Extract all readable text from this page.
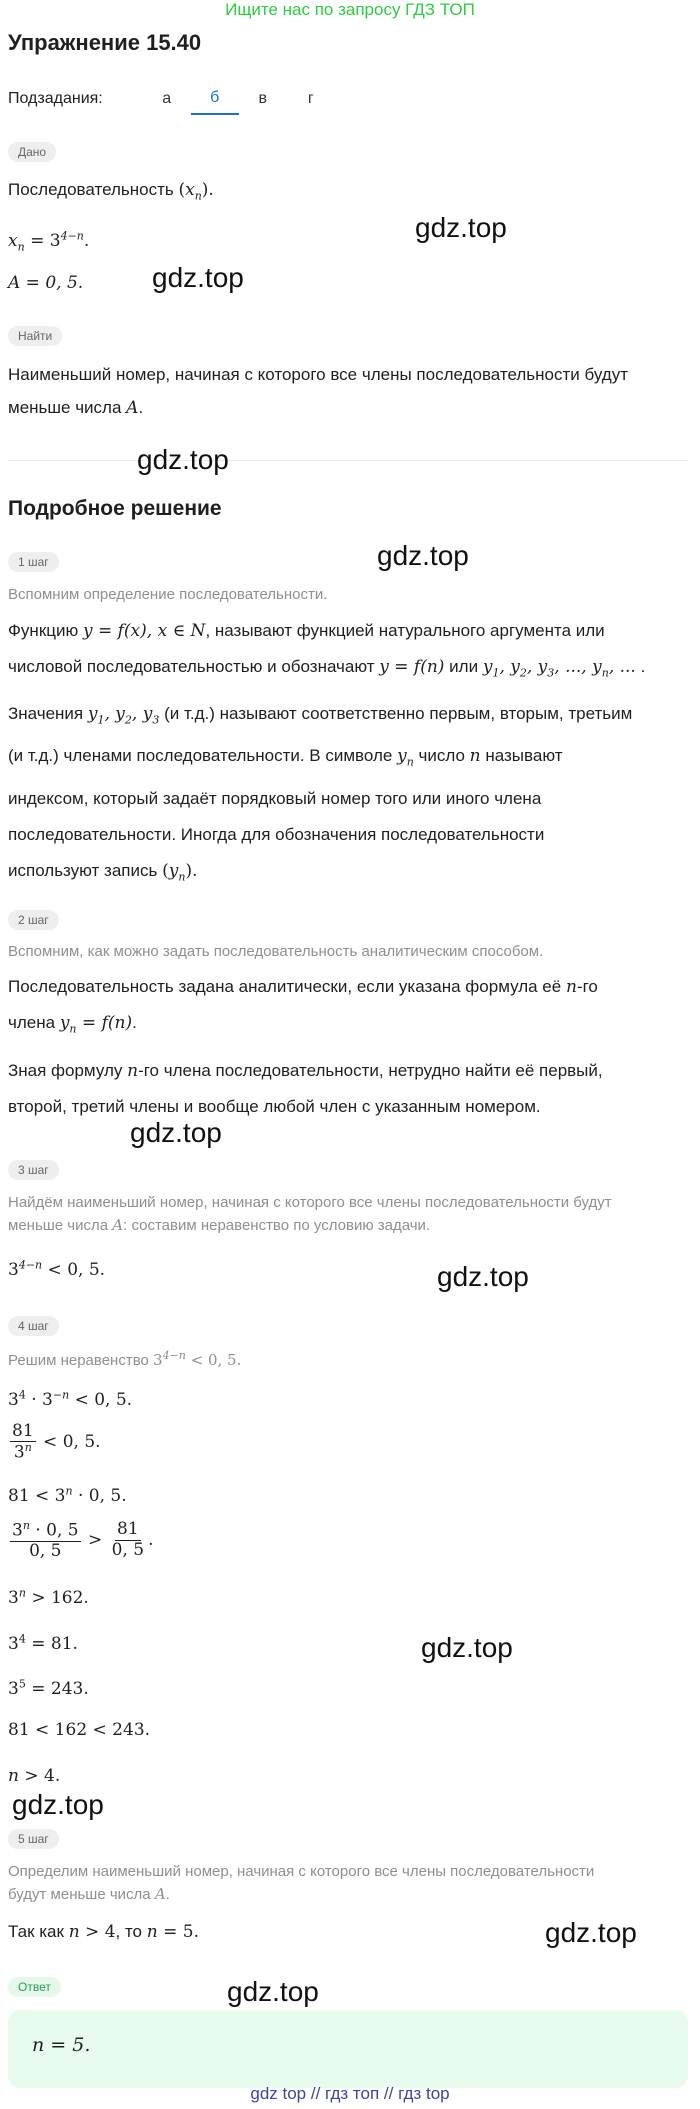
Ищите нас по запросу ГДЗ ТОП
Упражнение 15.40
Подзадания:	а	б	в	г
Дано
Последовательность $(x_n)$.
$x_n = 3^{4-n}$.
A = 0, 5.
Найти
Наименьший номер, начиная с которого все члены последовательности будут меньше числа A.
Подробное решение
1 шаг
Вспомним определение последовательности.
Функцию y = f(x), x ∈ N, называют функцией натурального аргумента или
числовой последовательностью и обозначают y = f(n) или $y_1$, $y_2$, $y_3$, ..., $y_n$, ... .
Значения $y_1$, $y_2$, $y_3$ (и т.д.) называют соответственно первым, вторым, третьим
(и т.д.) членами последовательности. В символе $y_n$ число n называют
индексом, который задаёт порядковый номер того или иного члена
последовательности. Иногда для обозначения последовательности
используют запись $(y_n)$.
2 шаг
Вспомним, как можно задать последовательность аналитическим способом.
Последовательность задана аналитически, если указана формула её n-го
члена $y_n = f(n)$.
Зная формулу n-го члена последовательности, нетрудно найти её первый,
второй, третий члены и вообще любой член с указанным номером.
3 шаг
Найдём наименьший номер, начиная с которого все члены последовательности будут
меньше числа A: составим неравенство по условию задачи.
$3^{4-n} < 0$, 5.
4 шаг
Решим неравенство $3^{4-n} < 0$, 5.
$3^4 \cdot 3^{-n} < 0$, 5.
$\frac{81}{3^n} < 0$, 5.
$81 < 3^n \cdot 0$, 5.
$\frac{3^n \cdot 0, 5}{0, 5} > \frac{81}{0, 5}$ .
$3^n > 162$.
$3^4 = 81$.
$3^5 = 243$.
81 < 162 < 243.
n > 4.
5 шаг
Определим наименьший номер, начиная с которого все члены последовательности
будут меньше числа A.
Так как n > 4, то n = 5.
Ответ
n = 5.
gdz.top
gdz.top
gdz.top
gdz.top
gdz.top
gdz.top
gdz.top
gdz.top
gdz.top
gdz.top
gdz top // гдз топ // гдз top
